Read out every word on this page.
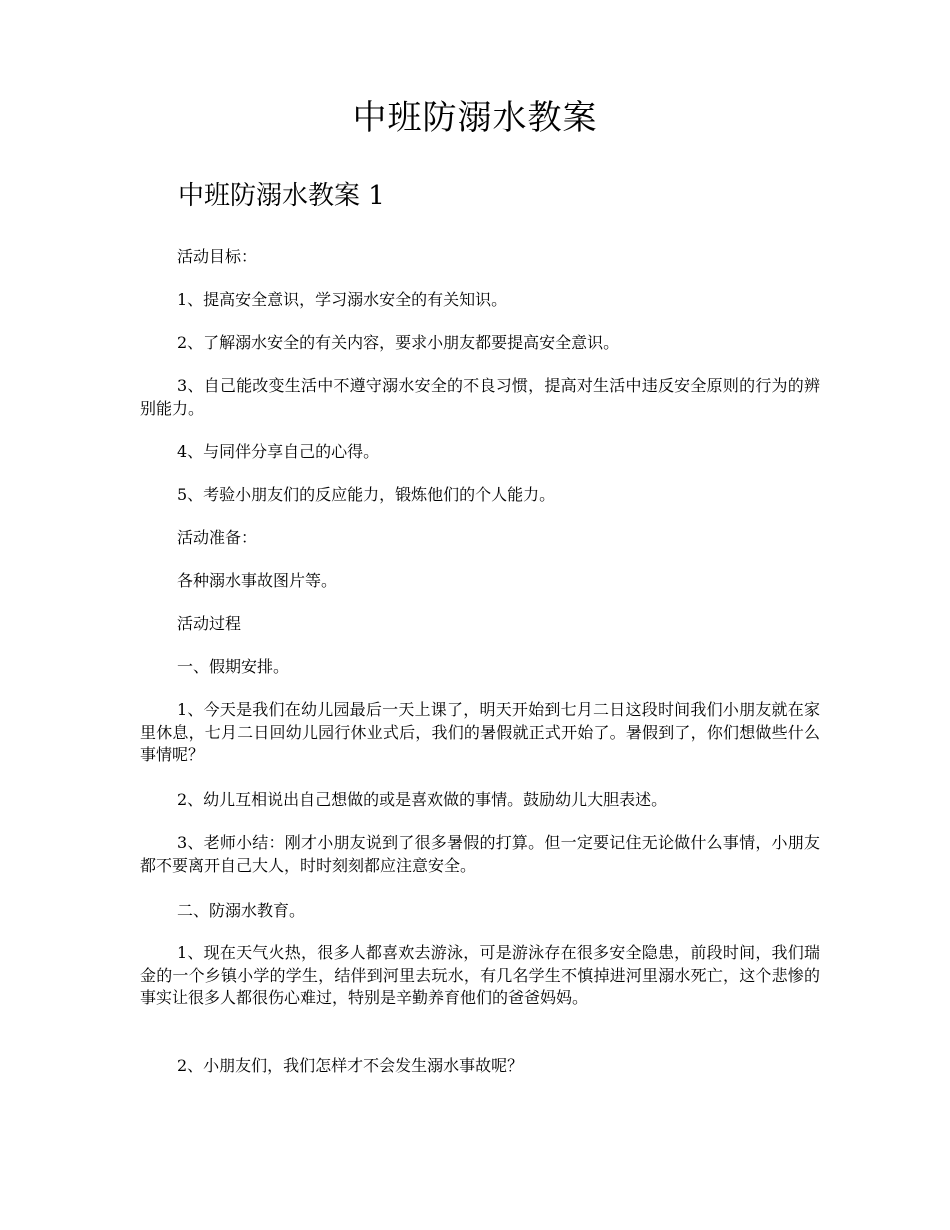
中班防溺水教案
中班防溺水教案 1

活动目标：

1、提高安全意识，学习溺水安全的有关知识。

2、了解溺水安全的有关内容，要求小朋友都要提高安全意识。

3、自己能改变生活中不遵守溺水安全的不良习惯，提高对生活中违反安全原则的行为的辨别能力。

4、与同伴分享自己的心得。

5、考验小朋友们的反应能力，锻炼他们的个人能力。

活动准备：

各种溺水事故图片等。

活动过程

一、假期安排。

1、今天是我们在幼儿园最后一天上课了，明天开始到七月二日这段时间我们小朋友就在家里休息，七月二日回幼儿园行休业式后，我们的暑假就正式开始了。暑假到了，你们想做些什么事情呢？

2、幼儿互相说出自己想做的或是喜欢做的事情。鼓励幼儿大胆表述。

3、老师小结：刚才小朋友说到了很多暑假的打算。但一定要记住无论做什么事情，小朋友都不要离开自己大人，时时刻刻都应注意安全。

二、防溺水教育。

1、现在天气火热，很多人都喜欢去游泳，可是游泳存在很多安全隐患，前段时间，我们瑞金的一个乡镇小学的学生，结伴到河里去玩水，有几名学生不慎掉进河里溺水死亡，这个悲惨的事实让很多人都很伤心难过，特别是辛勤养育他们的爸爸妈妈。

2、小朋友们，我们怎样才不会发生溺水事故呢？
